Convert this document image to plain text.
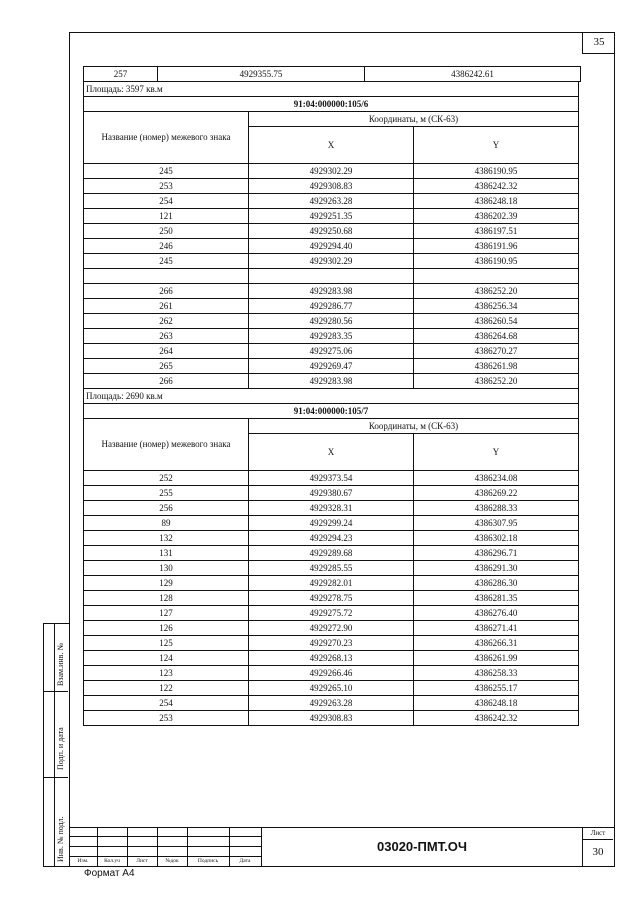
35
257	4929355.75	4386242.61
Площадь: 3597 кв.м
91:04:000000:105/6		
Название (номер) межевого знака	Координаты, м (СК-63)	
	X	Y
245	4929302.29	4386190.95
253	4929308.83	4386242.32
254	4929263.28	4386248.18
121	4929251.35	4386202.39
250	4929250.68	4386197.51
246	4929294.40	4386191.96
245	4929302.29	4386190.95

266	4929283.98	4386252.20
261	4929286.77	4386256.34
262	4929280.56	4386260.54
263	4929283.35	4386264.68
264	4929275.06	4386270.27
265	4929269.47	4386261.98
266	4929283.98	4386252.20
Площадь: 2690 кв.м
91:04:000000:105/7		
Название (номер) межевого знака	Координаты, м (СК-63)	
	X	Y
252	4929373.54	4386234.08
255	4929380.67	4386269.22
256	4929328.31	4386288.33
89	4929299.24	4386307.95
132	4929294.23	4386302.18
131	4929289.68	4386296.71
130	4929285.55	4386291.30
129	4929282.01	4386286.30
128	4929278.75	4386281.35
127	4929275.72	4386276.40
126	4929272.90	4386271.41
125	4929270.23	4386266.31
124	4929268.13	4386261.99
123	4929266.46	4386258.33
122	4929265.10	4386255.17
254	4929263.28	4386248.18
253	4929308.83	4386242.32
Взам.инв. №
Подп. и дата
Инв. № подл.	Изм.	Кол.уч	Лист	№док	Подпись	Дата
03020-ПМТ.ОЧ
Лист
30
Формат А4
